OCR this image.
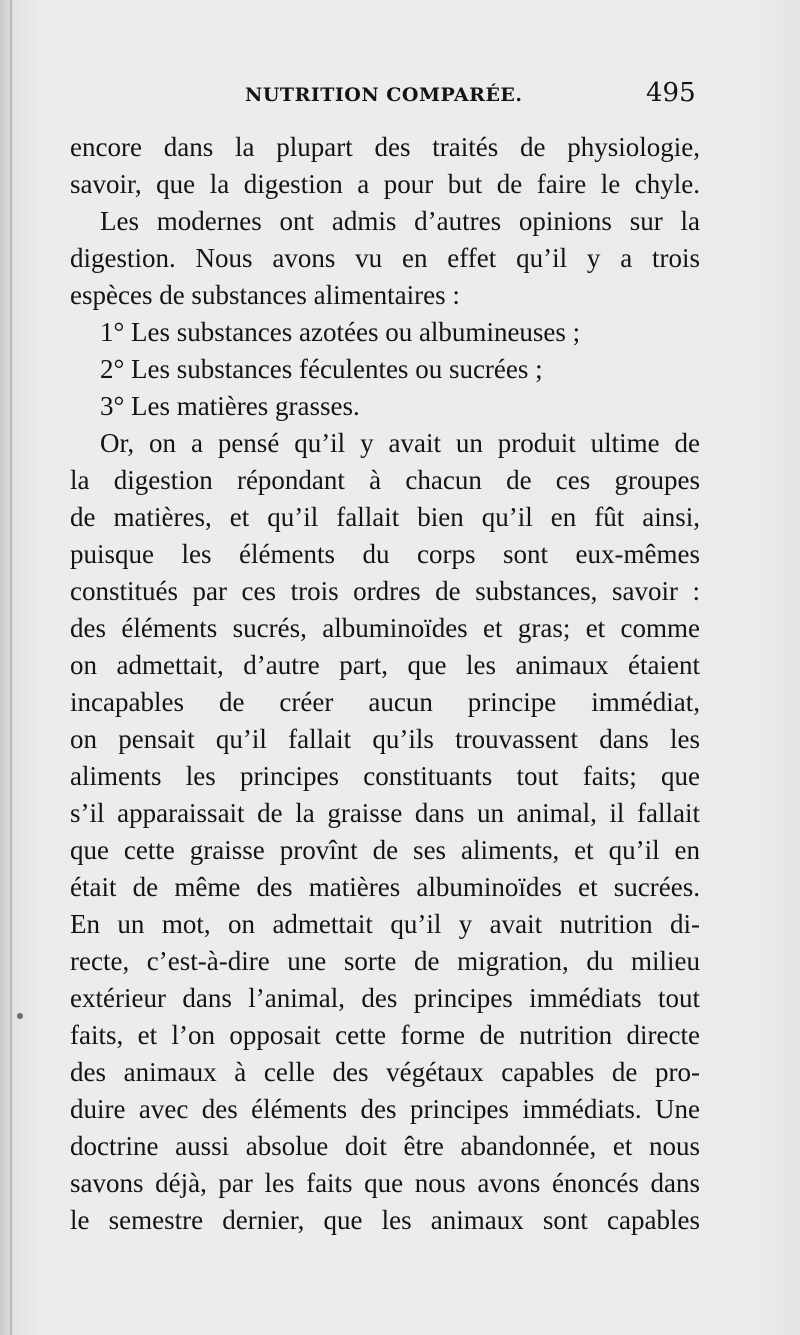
NUTRITION COMPARÉE.	495
encore dans la plupart des traités de physiologie,
savoir, que la digestion a pour but de faire le chyle.
Les modernes ont admis d’autres opinions sur la
digestion. Nous avons vu en effet qu’il y a trois
espèces de substances alimentaires :
1° Les substances azotées ou albumineuses ;
2° Les substances féculentes ou sucrées ;
3° Les matières grasses.
Or, on a pensé qu’il y avait un produit ultime de
la digestion répondant à chacun de ces groupes
de matières, et qu’il fallait bien qu’il en fût ainsi,
puisque les éléments du corps sont eux-mêmes
constitués par ces trois ordres de substances, savoir :
des éléments sucrés, albuminoïdes et gras; et comme
on admettait, d’autre part, que les animaux étaient
incapables de créer aucun principe immédiat,
on pensait qu’il fallait qu’ils trouvassent dans les
aliments les principes constituants tout faits; que
s’il apparaissait de la graisse dans un animal, il fallait
que cette graisse provînt de ses aliments, et qu’il en
était de même des matières albuminoïdes et sucrées.
En un mot, on admettait qu’il y avait nutrition di-
recte, c’est-à-dire une sorte de migration, du milieu
extérieur dans l’animal, des principes immédiats tout
faits, et l’on opposait cette forme de nutrition directe
des animaux à celle des végétaux capables de pro-
duire avec des éléments des principes immédiats. Une
doctrine aussi absolue doit être abandonnée, et nous
savons déjà, par les faits que nous avons énoncés dans
le semestre dernier, que les animaux sont capables
